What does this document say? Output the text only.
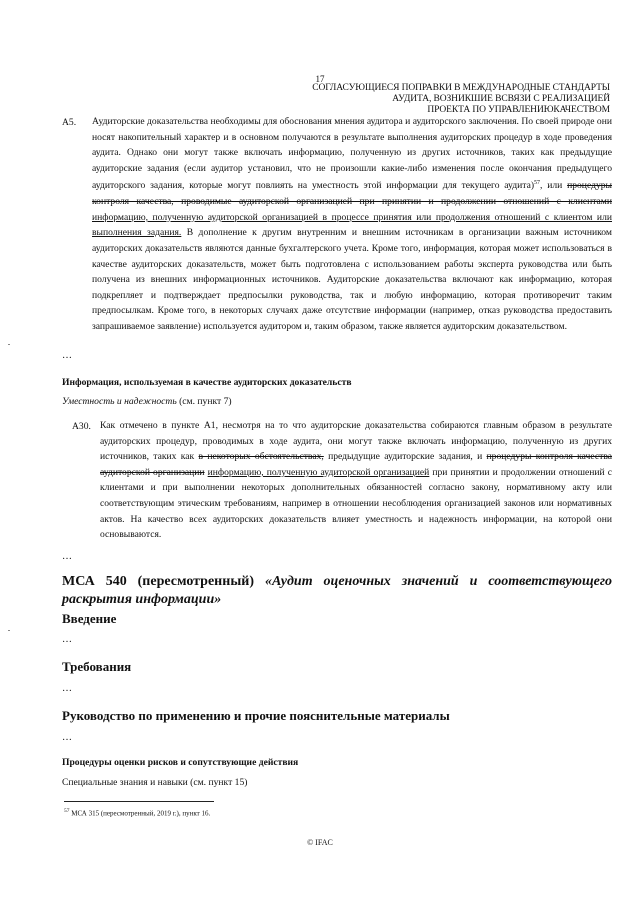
17
СОГЛАСУЮЩИЕСЯ ПОПРАВКИ В МЕЖДУНАРОДНЫЕ СТАНДАРТЫ
АУДИТА, ВОЗНИКШИЕ ВСВЯЗИ С РЕАЛИЗАЦИЕЙ
ПРОЕКТА ПО УПРАВЛЕНИЮКАЧЕСТВОМ
А5. Аудиторские доказательства необходимы для обоснования мнения аудитора и аудиторского заключения. По своей природе они носят накопительный характер и в основном получаются в результате выполнения аудиторских процедур в ходе проведения аудита. Однако они могут также включать информацию, полученную из других источников, таких как предыдущие аудиторские задания (если аудитор установил, что не произошли какие-либо изменения после окончания предыдущего аудиторского задания, которые могут повлиять на уместность этой информации для текущего аудита)$^{57}$, или процедуры контроля качества, проводимые аудиторской организацией при принятии и продолжении отношений с клиентами информацию, полученную аудиторской организацией в процессе принятия или продолжения отношений с клиентом или выполнения задания. В дополнение к другим внутренним и внешним источникам в организации важным источником аудиторских доказательств являются данные бухгалтерского учета. Кроме того, информация, которая может использоваться в качестве аудиторских доказательств, может быть подготовлена с использованием работы эксперта руководства или быть получена из внешних информационных источников. Аудиторские доказательства включают как информацию, которая подкрепляет и подтверждает предпосылки руководства, так и любую информацию, которая противоречит таким предпосылкам. Кроме того, в некоторых случаях даже отсутствие информации (например, отказ руководства предоставить запрашиваемое заявление) используется аудитором и, таким образом, также является аудиторским доказательством.

…
Информация, используемая в качестве аудиторских доказательств
Уместность и надежность (см. пункт 7)
А30. Как отмечено в пункте А1, несмотря на то что аудиторские доказательства собираются главным образом в результате аудиторских процедур, проводимых в ходе аудита, они могут также включать информацию, полученную из других источников, таких как в некоторых обстоятельствах, предыдущие аудиторские задания, и процедуры контроля качества аудиторской организации информацию, полученную аудиторской организацией при принятии и продолжении отношений с клиентами и при выполнении некоторых дополнительных обязанностей согласно закону, нормативному акту или соответствующим этическим требованиям, например в отношении несоблюдения организацией законов или нормативных актов. На качество всех аудиторских доказательств влияет уместность и надежность информации, на которой они основываются.

…
МСА 540 (пересмотренный) «Аудит оценочных значений и соответствующего раскрытия информации»
Введение
…
Требования
…
Руководство по применению и прочие пояснительные материалы
…
Процедуры оценки рисков и сопутствующие действия
Специальные знания и навыки (см. пункт 15)
$^{57}$ МСА 315 (пересмотренный, 2019 г.), пункт 16.
© IFAC
